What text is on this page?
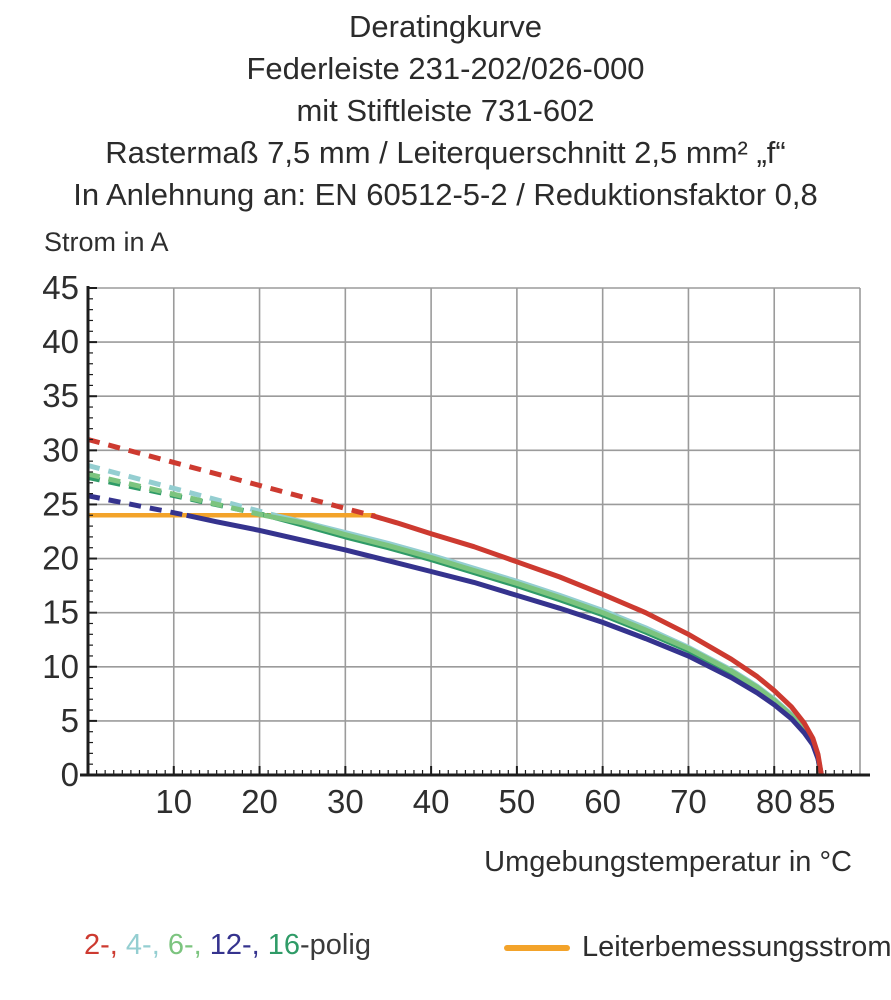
Deratingkurve
Federleiste 231-202/026-000
mit Stiftleiste 731-602
Rastermaß 7,5 mm / Leiterquerschnitt 2,5 mm² „f“
In Anlehnung an: EN 60512-5-2 / Reduktionsfaktor 0,8
Strom in A
10 20 30 40 50 60 70 80 85
0
5
10
15
20
25
30
35
40
45
Umgebungstemperatur in °C
2-, 4-, 6-, 12-, 16-polig	Leiterbemessungsstrom
